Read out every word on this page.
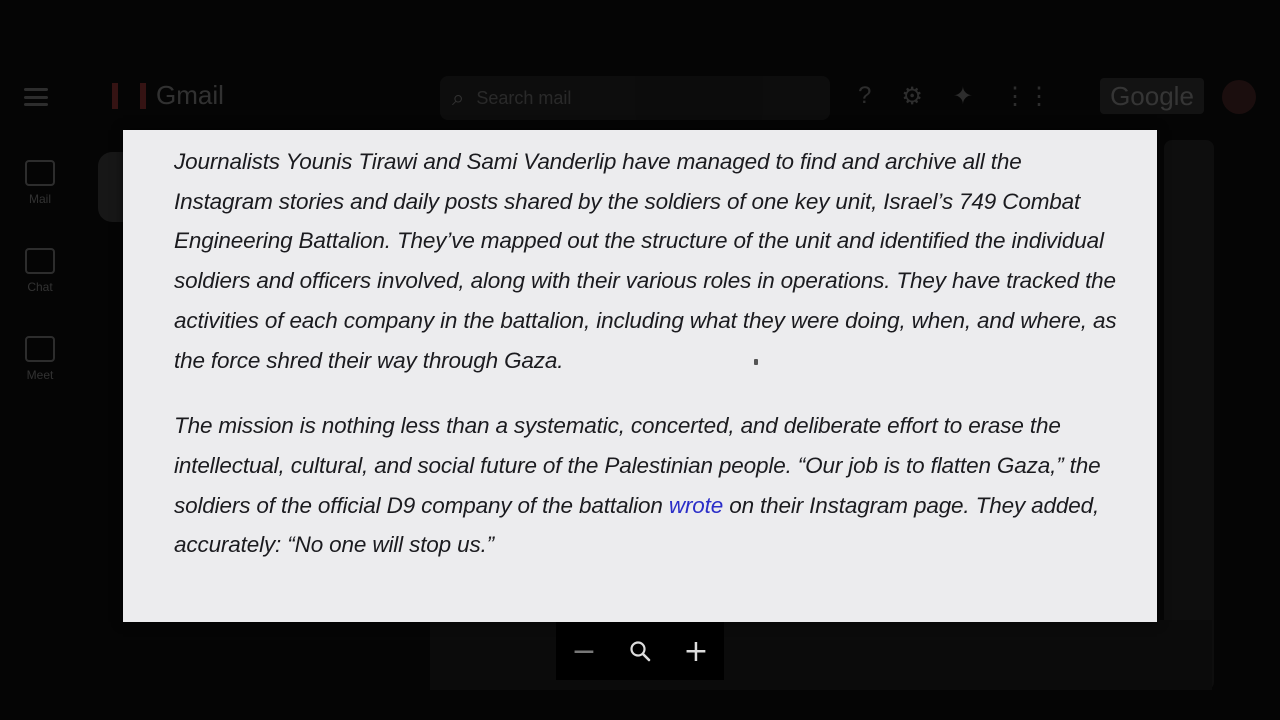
Gmail	⌕ Search mail	? ⚙ ✦ ⋮⋮	Google
Mail
Chat
Meet

Journalists Younis Tirawi and Sami Vanderlip have managed to find and archive all the Instagram stories and daily posts shared by the soldiers of one key unit, Israel’s 749 Combat Engineering Battalion. They’ve mapped out the structure of the unit and identified the individual soldiers and officers involved, along with their various roles in operations. They have tracked the activities of each company in the battalion, including what they were doing, when, and where, as the force shred their way through Gaza.

The mission is nothing less than a systematic, concerted, and deliberate effort to erase the intellectual, cultural, and social future of the Palestinian people. “Our job is to flatten Gaza,” the soldiers of the official D9 company of the battalion wrote on their Instagram page. They added, accurately: “No one will stop us.”

−	+
